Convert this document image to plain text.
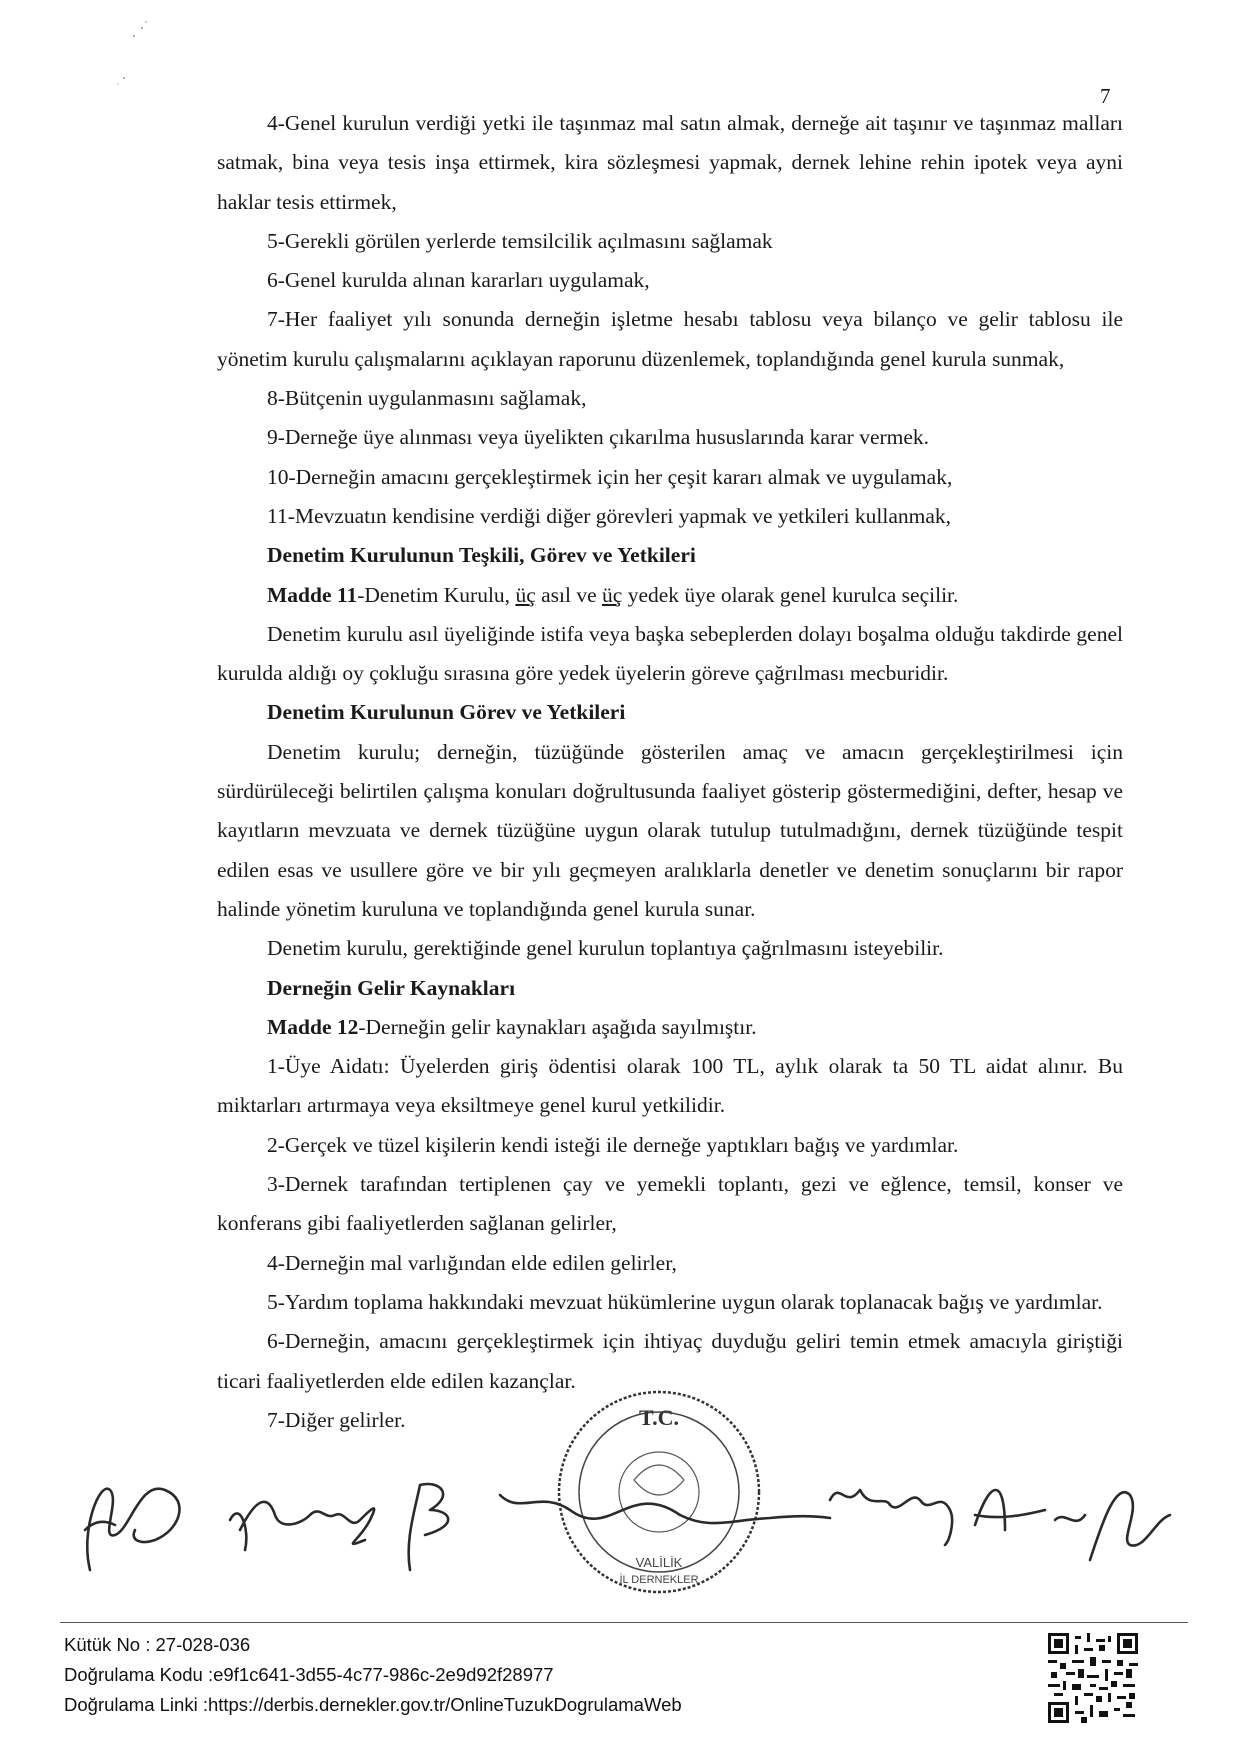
7

4-Genel kurulun verdiği yetki ile taşınmaz mal satın almak, derneğe ait taşınır ve taşınmaz malları satmak, bina veya tesis inşa ettirmek, kira sözleşmesi yapmak, dernek lehine rehin ipotek veya ayni haklar tesis ettirmek,

5-Gerekli görülen yerlerde temsilcilik açılmasını sağlamak

6-Genel kurulda alınan kararları uygulamak,

7-Her faaliyet yılı sonunda derneğin işletme hesabı tablosu veya bilanço ve gelir tablosu ile yönetim kurulu çalışmalarını açıklayan raporunu düzenlemek, toplandığında genel kurula sunmak,

8-Bütçenin uygulanmasını sağlamak,

9-Derneğe üye alınması veya üyelikten çıkarılma hususlarında karar vermek.

10-Derneğin amacını gerçekleştirmek için her çeşit kararı almak ve uygulamak,

11-Mevzuatın kendisine verdiği diğer görevleri yapmak ve yetkileri kullanmak,

Denetim Kurulunun Teşkili, Görev ve Yetkileri

Madde 11-Denetim Kurulu, üç asıl ve üç yedek üye olarak genel kurulca seçilir.

Denetim kurulu asıl üyeliğinde istifa veya başka sebeplerden dolayı boşalma olduğu takdirde genel kurulda aldığı oy çokluğu sırasına göre yedek üyelerin göreve çağrılması mecburidir.

Denetim Kurulunun Görev ve Yetkileri

Denetim kurulu; derneğin, tüzüğünde gösterilen amaç ve amacın gerçekleştirilmesi için sürdürüleceği belirtilen çalışma konuları doğrultusunda faaliyet gösterip göstermediğini, defter, hesap ve kayıtların mevzuata ve dernek tüzüğüne uygun olarak tutulup tutulmadığını, dernek tüzüğünde tespit edilen esas ve usullere göre ve bir yılı geçmeyen aralıklarla denetler ve denetim sonuçlarını bir rapor halinde yönetim kuruluna ve toplandığında genel kurula sunar.

Denetim kurulu, gerektiğinde genel kurulun toplantıya çağrılmasını isteyebilir.

Derneğin Gelir Kaynakları

Madde 12-Derneğin gelir kaynakları aşağıda sayılmıştır.

1-Üye Aidatı: Üyelerden giriş ödentisi olarak 100 TL, aylık olarak ta 50 TL aidat alınır. Bu miktarları artırmaya veya eksiltmeye genel kurul yetkilidir.

2-Gerçek ve tüzel kişilerin kendi isteği ile derneğe yaptıkları bağış ve yardımlar.

3-Dernek tarafından tertiplenen çay ve yemekli toplantı, gezi ve eğlence, temsil, konser ve konferans gibi faaliyetlerden sağlanan gelirler,

4-Derneğin mal varlığından elde edilen gelirler,

5-Yardım toplama hakkındaki mevzuat hükümlerine uygun olarak toplanacak bağış ve yardımlar.

6-Derneğin, amacını gerçekleştirmek için ihtiyaç duyduğu geliri temin etmek amacıyla giriştiği ticari faaliyetlerden elde edilen kazançlar.

7-Diğer gelirler.	T.C.
VALİLİK
İL DERNEKLER
Kütük No : 27-028-036
Doğrulama Kodu :e9f1c641-3d55-4c77-986c-2e9d92f28977
Doğrulama Linki :https://derbis.dernekler.gov.tr/OnlineTuzukDogrulamaWeb
